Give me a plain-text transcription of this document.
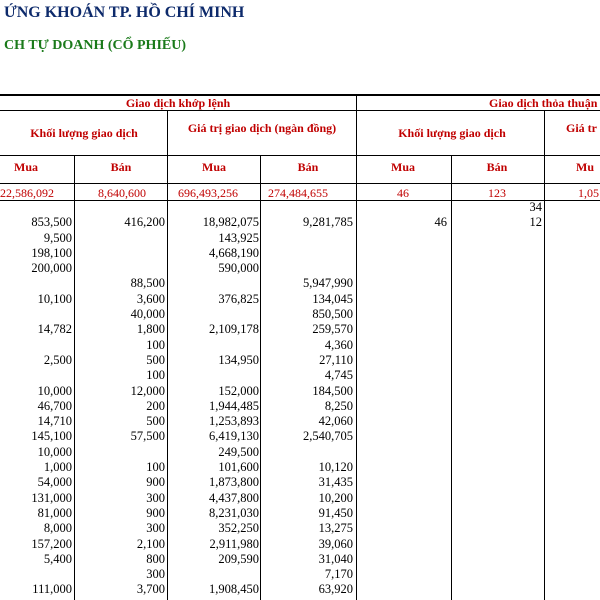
ỨNG KHOÁN TP. HỒ CHÍ MINH
CH TỰ DOANH (CỔ PHIẾU)
Giao dịch khớp lệnh	Giao dịch thỏa thuận
Khối lượng giao dịch	Giá trị giao dịch (ngàn đồng)	Khối lượng giao dịch	Giá tr
Mua	Bán	Mua	Bán	Mua	Bán	Mu
22,586,092	8,640,600	696,493,256	274,484,655	46	123	1,05
					34	
853,500	416,200	18,982,075	9,281,785	46	12	
9,500		143,925				
198,100		4,668,190				
200,000		590,000				
	88,500		5,947,990			
10,100	3,600	376,825	134,045			
	40,000		850,500			
14,782	1,800	2,109,178	259,570			
	100		4,360			
2,500	500	134,950	27,110			
	100		4,745			
10,000	12,000	152,000	184,500			
46,700	200	1,944,485	8,250			
14,710	500	1,253,893	42,060			
145,100	57,500	6,419,130	2,540,705			
10,000		249,500				
1,000	100	101,600	10,120			
54,000	900	1,873,800	31,435			
131,000	300	4,437,800	10,200			
81,000	900	8,231,030	91,450			
8,000	300	352,250	13,275			
157,200	2,100	2,911,980	39,060			
5,400	800	209,590	31,040			
	300		7,170			
111,000	3,700	1,908,450	63,920			
